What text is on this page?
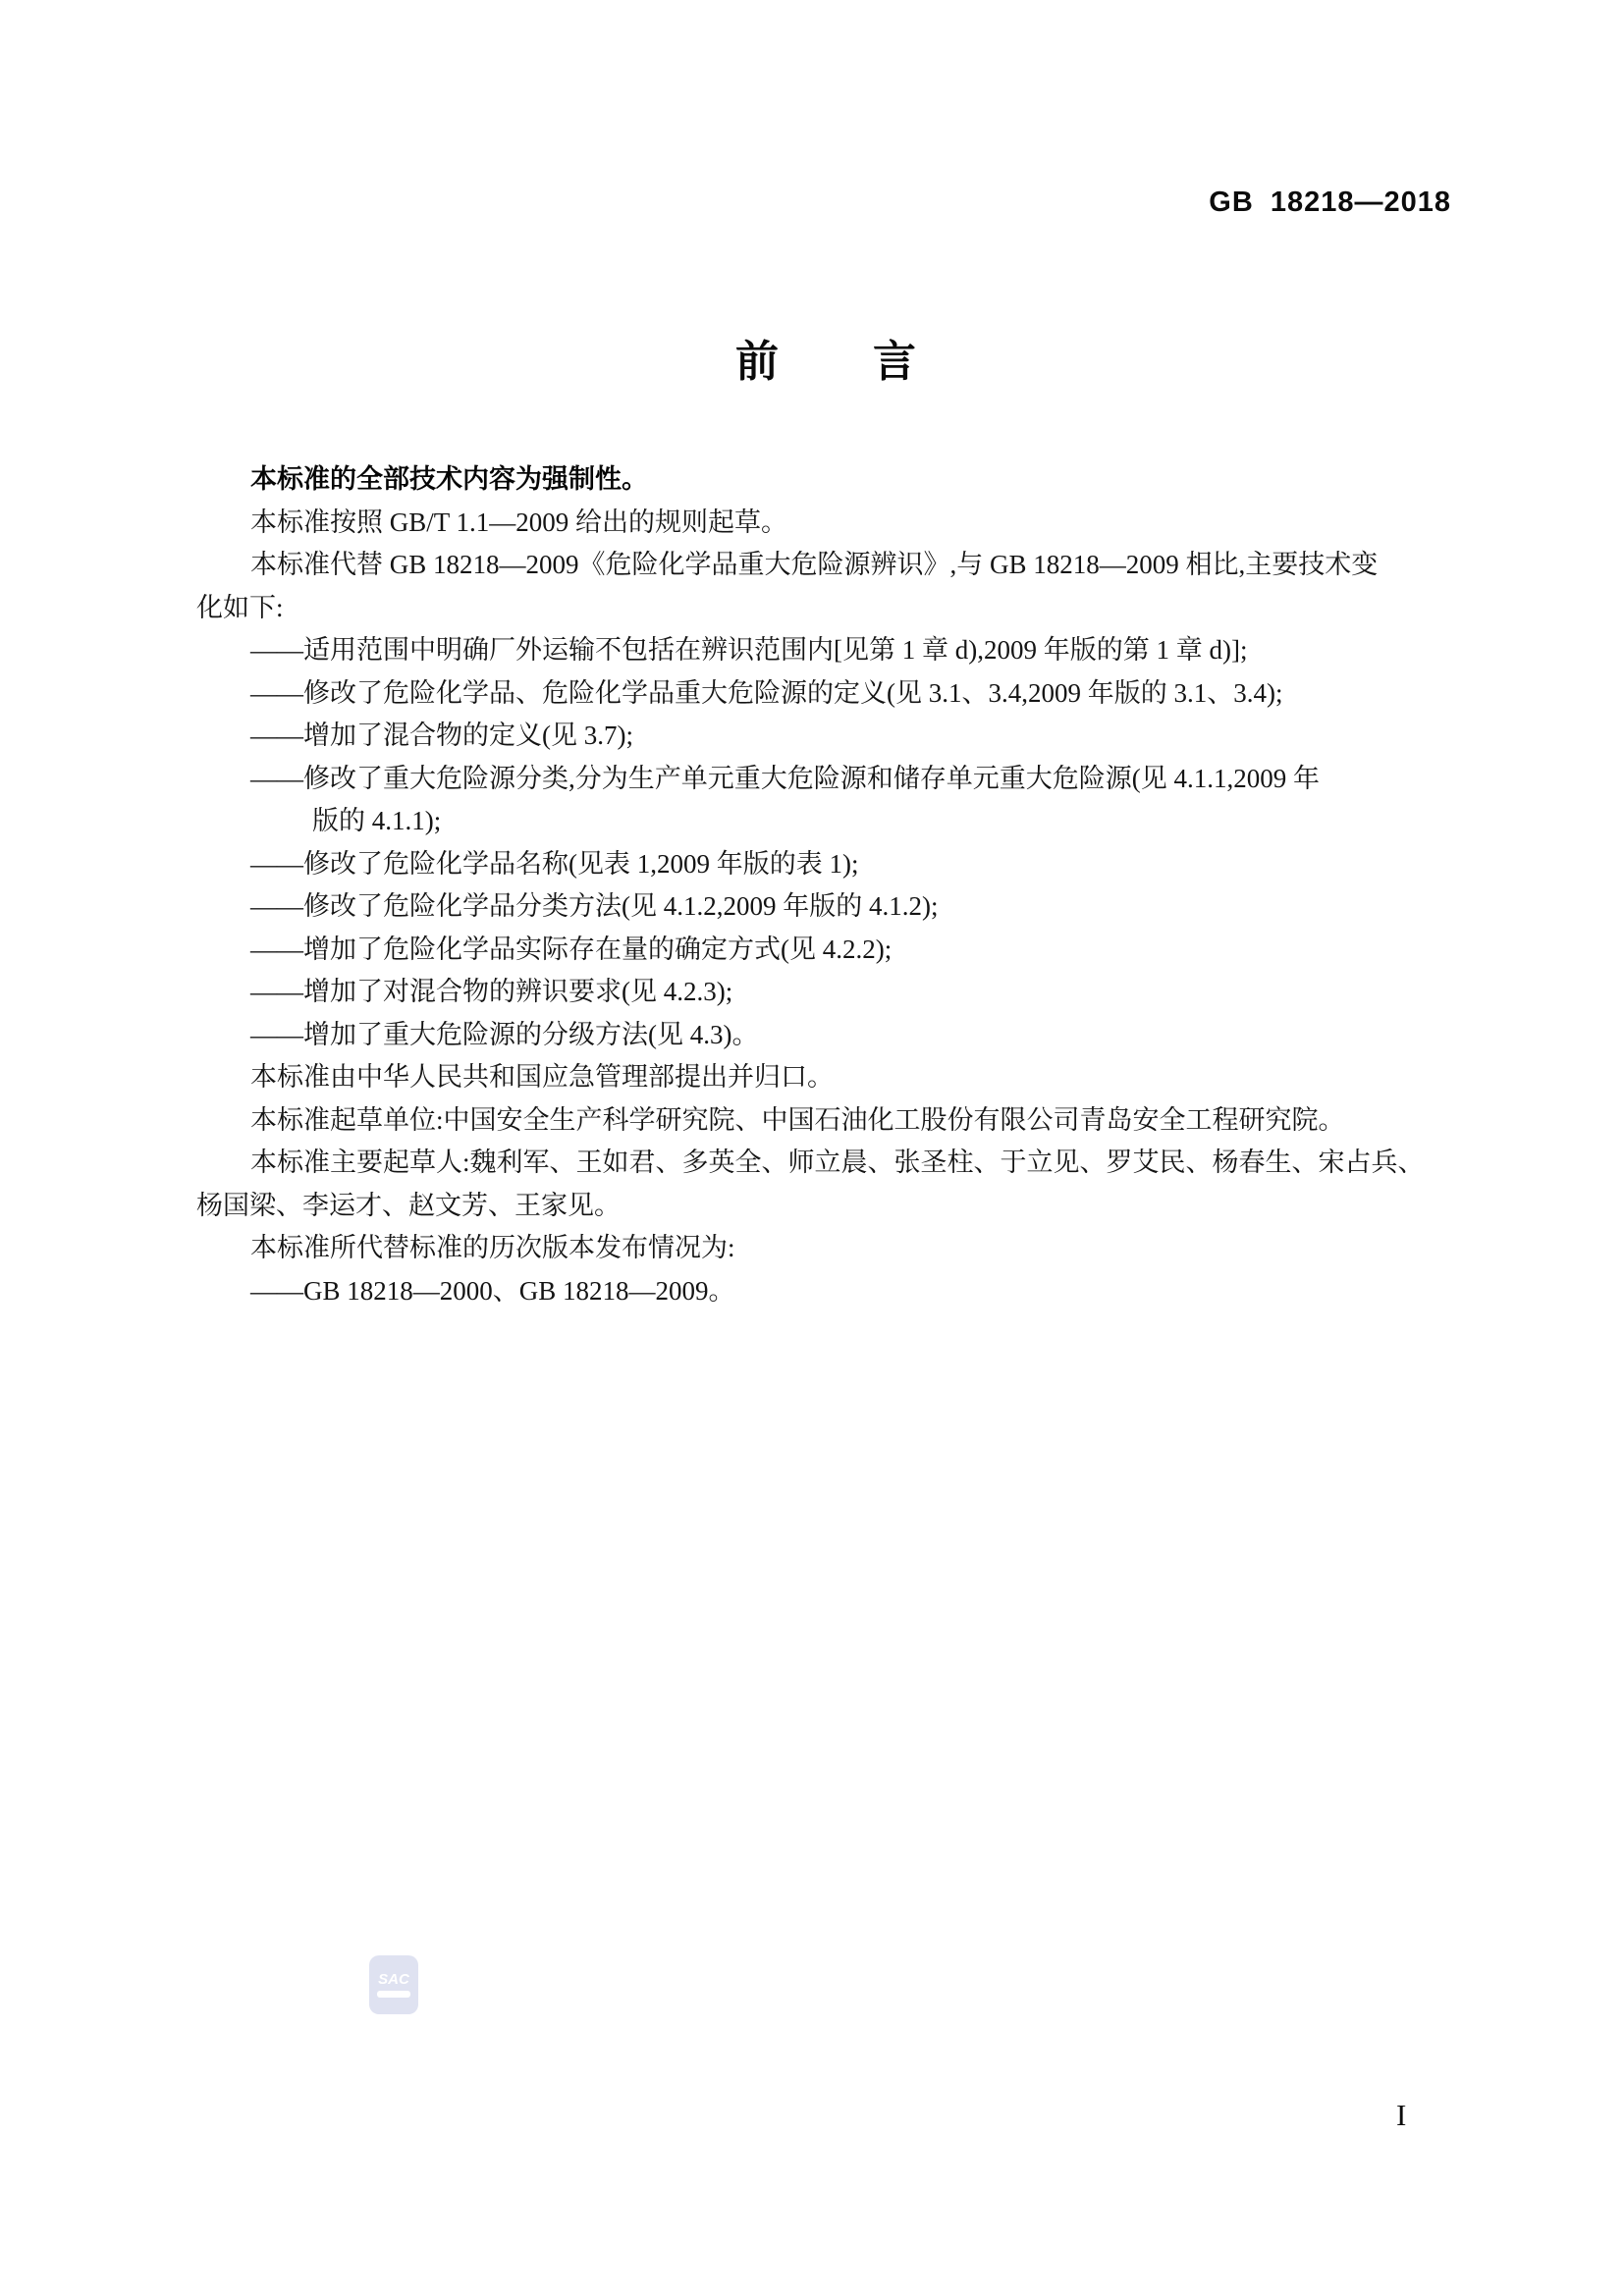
GB 18218—2018
前 言
本标准的全部技术内容为强制性。
本标准按照 GB/T 1.1—2009 给出的规则起草。
本标准代替 GB 18218—2009《危险化学品重大危险源辨识》,与 GB 18218—2009 相比,主要技术变
化如下:
——适用范围中明确厂外运输不包括在辨识范围内[见第 1 章 d),2009 年版的第 1 章 d)];
——修改了危险化学品、危险化学品重大危险源的定义(见 3.1、3.4,2009 年版的 3.1、3.4);
——增加了混合物的定义(见 3.7);
——修改了重大危险源分类,分为生产单元重大危险源和储存单元重大危险源(见 4.1.1,2009 年
版的 4.1.1);
——修改了危险化学品名称(见表 1,2009 年版的表 1);
——修改了危险化学品分类方法(见 4.1.2,2009 年版的 4.1.2);
——增加了危险化学品实际存在量的确定方式(见 4.2.2);
——增加了对混合物的辨识要求(见 4.2.3);
——增加了重大危险源的分级方法(见 4.3)。
本标准由中华人民共和国应急管理部提出并归口。
本标准起草单位:中国安全生产科学研究院、中国石油化工股份有限公司青岛安全工程研究院。
本标准主要起草人:魏利军、王如君、多英全、师立晨、张圣柱、于立见、罗艾民、杨春生、宋占兵、
杨国梁、李运才、赵文芳、王家见。
本标准所代替标准的历次版本发布情况为:
——GB 18218—2000、GB 18218—2009。
SAC
I
